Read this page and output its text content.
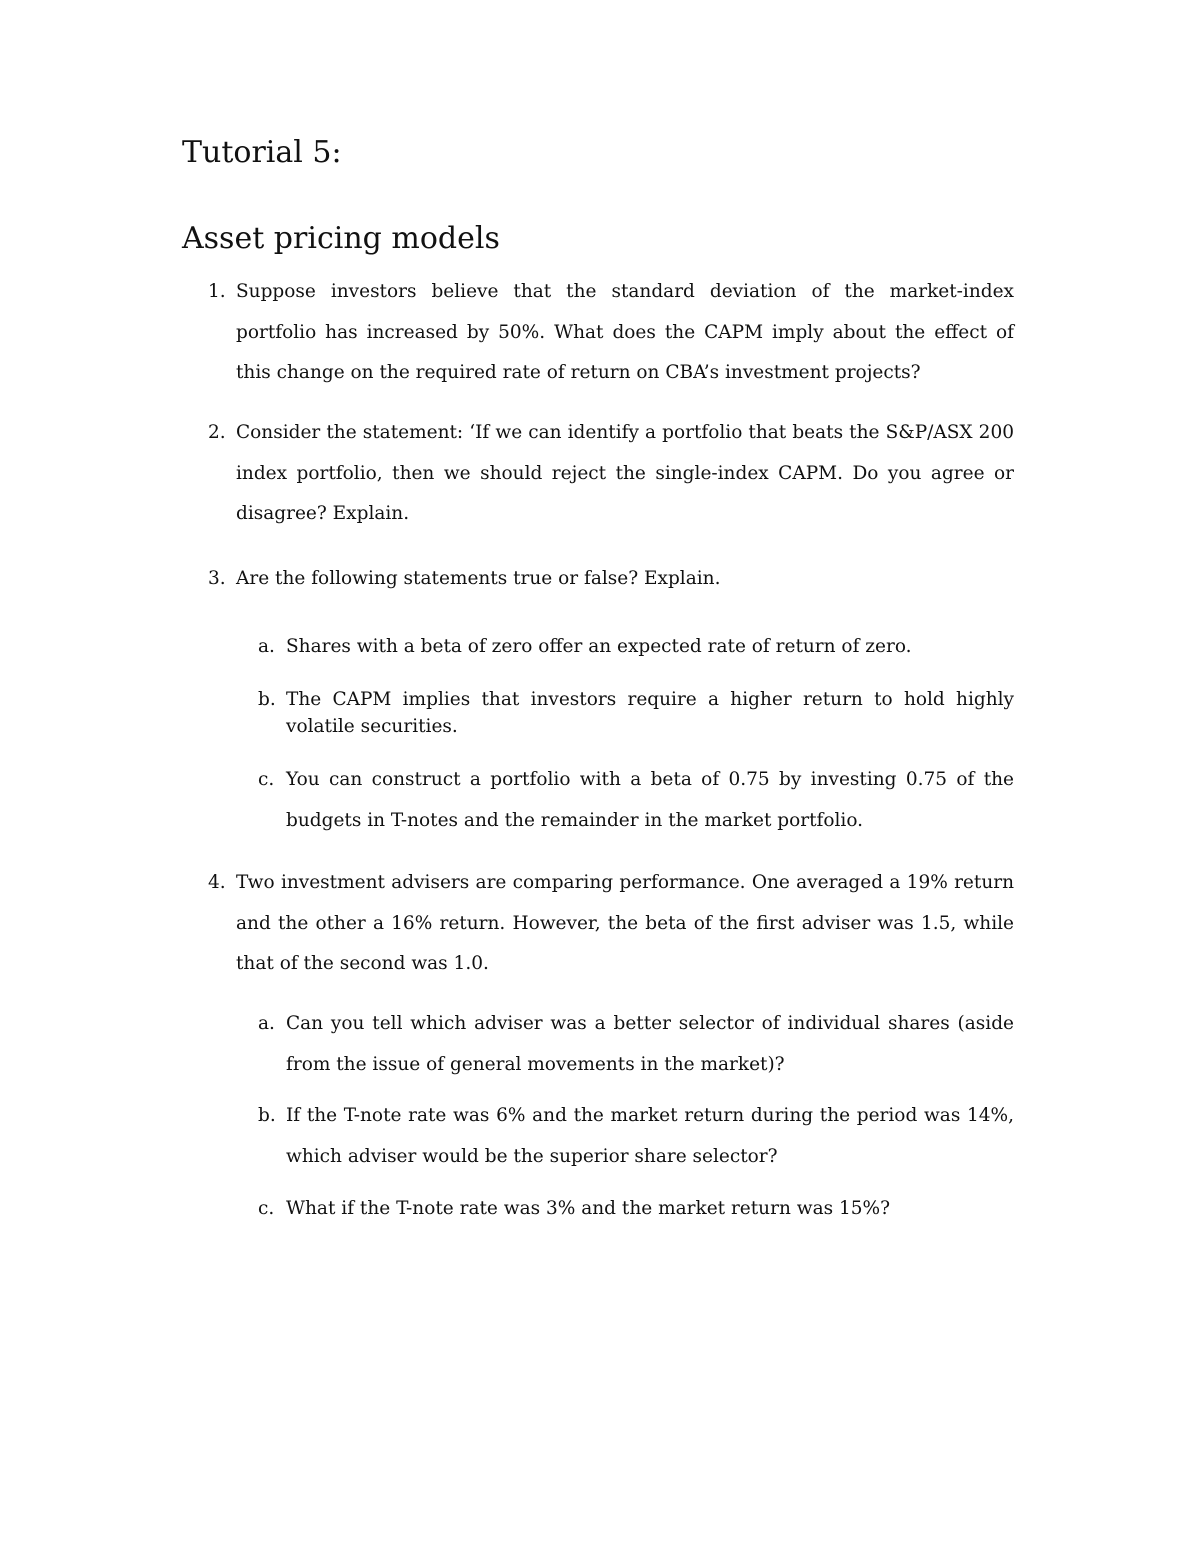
Tutorial 5:
Asset pricing models
1. Suppose investors believe that the standard deviation of the market-index portfolio has increased by 50%. What does the CAPM imply about the effect of this change on the required rate of return on CBA’s investment projects?
2. Consider the statement: ‘If we can identify a portfolio that beats the S&P/ASX 200 index portfolio, then we should reject the single-index CAPM. Do you agree or disagree? Explain.
3. Are the following statements true or false? Explain.
a. Shares with a beta of zero offer an expected rate of return of zero.
b. The CAPM implies that investors require a higher return to hold highly volatile securities.
c. You can construct a portfolio with a beta of 0.75 by investing 0.75 of the budgets in T-notes and the remainder in the market portfolio.
4. Two investment advisers are comparing performance. One averaged a 19% return and the other a 16% return. However, the beta of the first adviser was 1.5, while that of the second was 1.0.
a. Can you tell which adviser was a better selector of individual shares (aside from the issue of general movements in the market)?
b. If the T-note rate was 6% and the market return during the period was 14%, which adviser would be the superior share selector?
c. What if the T-note rate was 3% and the market return was 15%?
